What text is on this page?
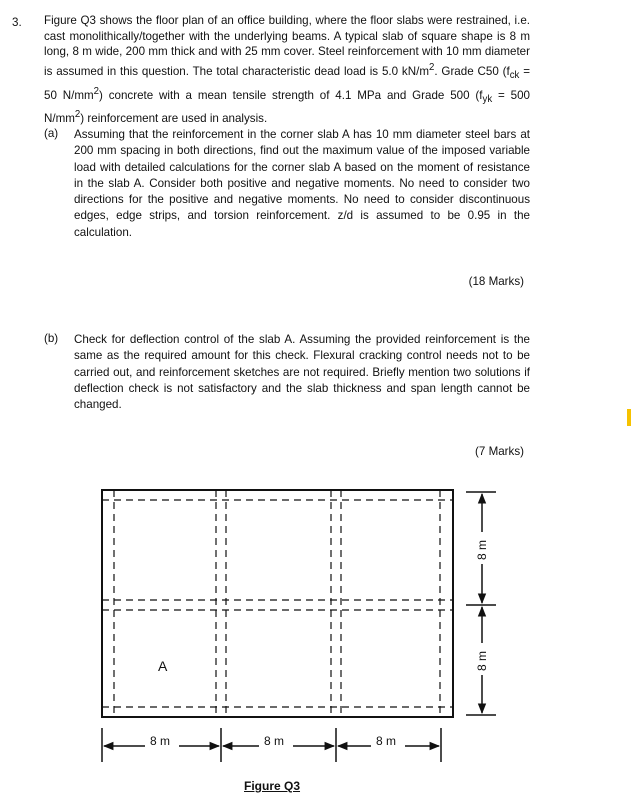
3. Figure Q3 shows the floor plan of an office building, where the floor slabs were restrained, i.e. cast monolithically/together with the underlying beams. A typical slab of square shape is 8 m long, 8 m wide, 200 mm thick and with 25 mm cover. Steel reinforcement with 10 mm diameter is assumed in this question. The total characteristic dead load is 5.0 $kN/m^2$. Grade C50 ($f_{ck} = 50$ $N/mm^2$) concrete with a mean tensile strength of 4.1 MPa and Grade 500 ($f_{yk} = 500$ $N/mm^2$) reinforcement are used in analysis.

(a) Assuming that the reinforcement in the corner slab A has 10 mm diameter steel bars at 200 mm spacing in both directions, find out the maximum value of the imposed variable load with detailed calculations for the corner slab A based on the moment of resistance in the slab A. Consider both positive and negative moments. No need to consider two directions for the positive and negative moments. No need to consider discontinuous edges, edge strips, and torsion reinforcement. z/d is assumed to be 0.95 in the calculation.
(18 Marks)
(b) Check for deflection control of the slab A. Assuming the provided reinforcement is the same as the required amount for this check. Flexural cracking control needs not to be carried out, and reinforcement sketches are not required. Briefly mention two solutions if deflection check is not satisfactory and the slab thickness and span length cannot be changed.
(7 Marks)
A
8 m	8 m	8 m
8 m
8 m
Figure Q3
